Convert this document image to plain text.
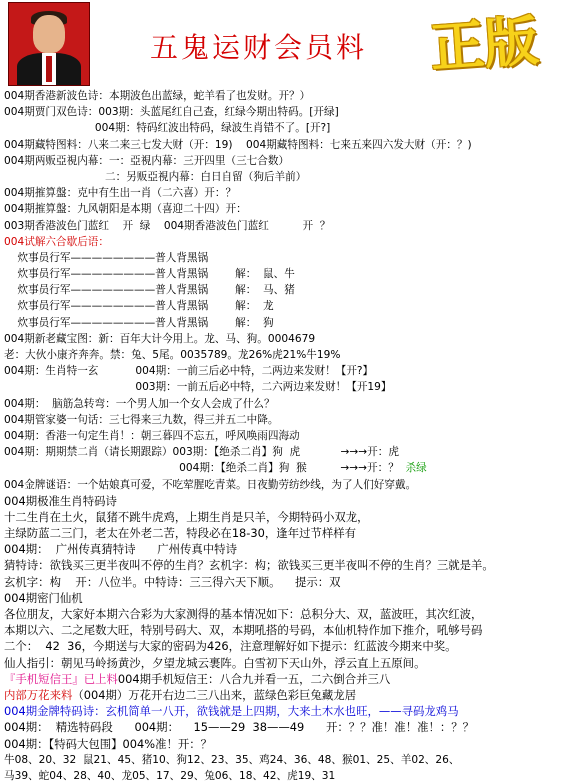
五鬼运财会员料 正版
004期香港新波色诗：本期波色出蓝绿，蛇羊看了也发财。开？）
004期贾门双色诗：003期：头蓝尾红自己查，红绿今期出特码。[开绿]
004期：特码红波出特码，绿波生肖错不了。[开?]
004期藏特图料：八来二来三七发大财（开：19)    004期藏特图料：七来五来四六发大财（开：？)
004期两贩亞視内幕：一：亞視内幕：三开四里（三七合数）
二：另贩亞視内幕：白日自留（狗后羊前）
004期㩁算盤：克中有生出一肖（二六喜）开：？
004期㩁算盤：九风朝阳是本期（喜迎二十四）开：
003期香港波色门蓝红    开  绿    004期香港波色门蓝红          开  ？
004试解六合歇后语：
炊事员行军————————普人背黑锅
炊事员行军————————普人背黑锅        解：  鼠、牛
炊事员行军————————普人背黑锅        解：  马、猪
炊事员行军————————普人背黑锅        解：  龙
炊事员行军————————普人背黑锅        解：  狗
004期新老藏宝图：新：百年大计今用上。龙、马、狗。0004679
老：大伙小康齐奔奔。禁：兔、5尾。0035789。龙26%虎21%牛19%
004期：生肖特一玄           004期：一前三后必中特，二两边来发财！【开?】
003期：一前五后必中特，二六两边来发财！【开19】
004期：  脑筋急转弯：一个男人加一个女人会成了什么？
004期管家婆一句话：三七得来三九数，得三并五二中降。
004期：香港一句定生肖！：朝三暮四不忘五，呼风唤雨四海动
004期：期期禁二肖（请长期跟踪）003期：【绝杀二肖】狗  虎            →→→开：虎
004期：【绝杀二肖】狗  猴          →→→开：？  杀绿
004金牌谜语：一个姑娘真可爱，不吃荤腥吃青菜。日夜勤劳纺纱线，为了人们好穿戴。
004期极准生肖特码诗
十二生肖在土火，鼠猪不跳牛虎鸡，上期生肖是只羊，今期特码小双龙，
主绿防蓝二三门，老太在外老二苦，特段必在18-30，逢年过节样样有
004期：  广州传真猜特诗      广州传真中特诗
猜特诗：欲钱买三更半夜叫不停的生肖？玄机字：构；欲钱买三更半夜叫不停的生肖？三就是羊。
玄机字：构    开：八位半。中特诗：三三得六天下顺。    提示：双
004期密门仙机
各位朋友，大家好本期六合彩为大家测得的基本情况如下：总积分大、双，蓝波旺，其次红波，
本期以六、二之尾数大旺，特别号码大、双，本期吼搭的号码，本仙机特作加下推介，吼够号码
二个：  42  36，今期送与大家的密码为426，注意理解好如下提示：红蓝波今期来中奖。
仙人指引：朝见马岭扬黄沙，夕望龙城云裹阵。白雪初下天山外，浮云直上五原间。
『手机短信王』已上料004期手机短信王：八合九并看一五，二六倒合并三八
内部万花来料（004期）万花开右边二三八出来，蓝绿色彩巨兔藏龙居
004期金牌特码诗：玄机简单一八开，欲钱就是上四期，大来土木水也旺，——寻码龙鸡马
004期：  精选特码段      004期：    15——29  38——49      开：？？准！准！准！：？？
004期：【特码大包围】004%准！开：？
牛08、20、32  鼠21、45、猪10、狗12、23、35、鸡24、36、48、猴01、25、羊02、26、
马39、蛇04、28、40、龙05、17、29、兔06、18、42、虎19、31
